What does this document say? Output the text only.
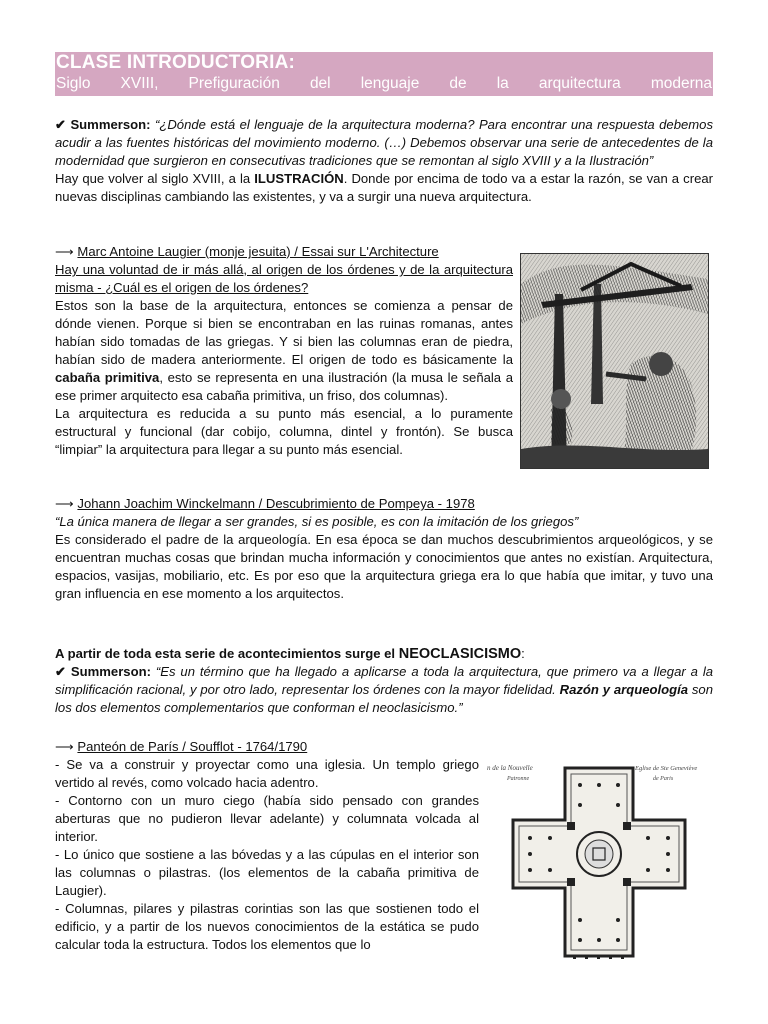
CLASE INTRODUCTORIA:
Siglo XVIII, Prefiguración del lenguaje de la arquitectura moderna

✔ Summerson: “¿Dónde está el lenguaje de la arquitectura moderna? Para encontrar una respuesta debemos acudir a las fuentes históricas del movimiento moderno. (…) Debemos observar una serie de antecedentes de la modernidad que surgieron en consecutivas tradiciones que se remontan al siglo XVIII y a la Ilustración”

Hay que volver al siglo XVIII, a la ILUSTRACIÓN. Donde por encima de todo va a estar la razón, se van a crear nuevas disciplinas cambiando las existentes, y va a surgir una nueva arquitectura.

⟶ Marc Antoine Laugier (monje jesuita) / Essai sur L'Architecture

Hay una voluntad de ir más allá, al origen de los órdenes y de la arquitectura misma - ¿Cuál es el origen de los órdenes?

Estos son la base de la arquitectura, entonces se comienza a pensar de dónde vienen. Porque si bien se encontraban en las ruinas romanas, antes habían sido tomadas de las griegas. Y si bien las columnas eran de piedra, habían sido de madera anteriormente. El origen de todo es básicamente la cabaña primitiva, esto se representa en una ilustración (la musa le señala a ese primer arquitecto esa cabaña primitiva, un friso, dos columnas).

La arquitectura es reducida a su punto más esencial, a lo puramente estructural y funcional (dar cobijo, columna, dintel y frontón). Se busca “limpiar” la arquitectura para llegar a su punto más esencial.

⟶ Johann Joachim Winckelmann / Descubrimiento de Pompeya - 1978

“La única manera de llegar a ser grandes, si es posible, es con la imitación de los griegos”

Es considerado el padre de la arqueología. En esa época se dan muchos descubrimientos arqueológicos, y se encuentran muchas cosas que brindan mucha información y conocimientos que antes no existían. Arquitectura, espacios, vasijas, mobiliario, etc. Es por eso que la arquitectura griega era lo que había que imitar, y tuvo una gran influencia en ese momento a los arquitectos.

A partir de toda esta serie de acontecimientos surge el NEOCLASICISMO:

✔ Summerson: “Es un término que ha llegado a aplicarse a toda la arquitectura, que primero va a llegar a la simplificación racional, y por otro lado, representar los órdenes con la mayor fidelidad. Razón y arqueología son los dos elementos complementarios que conforman el neoclasicismo.”

⟶ Panteón de París / Soufflot - 1764/1790

- Se va a construir y proyectar como una iglesia. Un templo griego vertido al revés, como volcado hacia adentro.

- Contorno con un muro ciego (había sido pensado con grandes aberturas que no pudieron llevar adelante) y columnata volcada al interior.

- Lo único que sostiene a las bóvedas y a las cúpulas en el interior son las columnas o pilastras. (los elementos de la cabaña primitiva de Laugier).

- Columnas, pilares y pilastras corintias son las que sostienen todo el edificio, y a partir de los nuevos conocimientos de la estática se pudo calcular toda la estructura. Todos los elementos que lo

n de la Nouvelle
Patronne
Eglise de Ste Geneviève
de Paris
